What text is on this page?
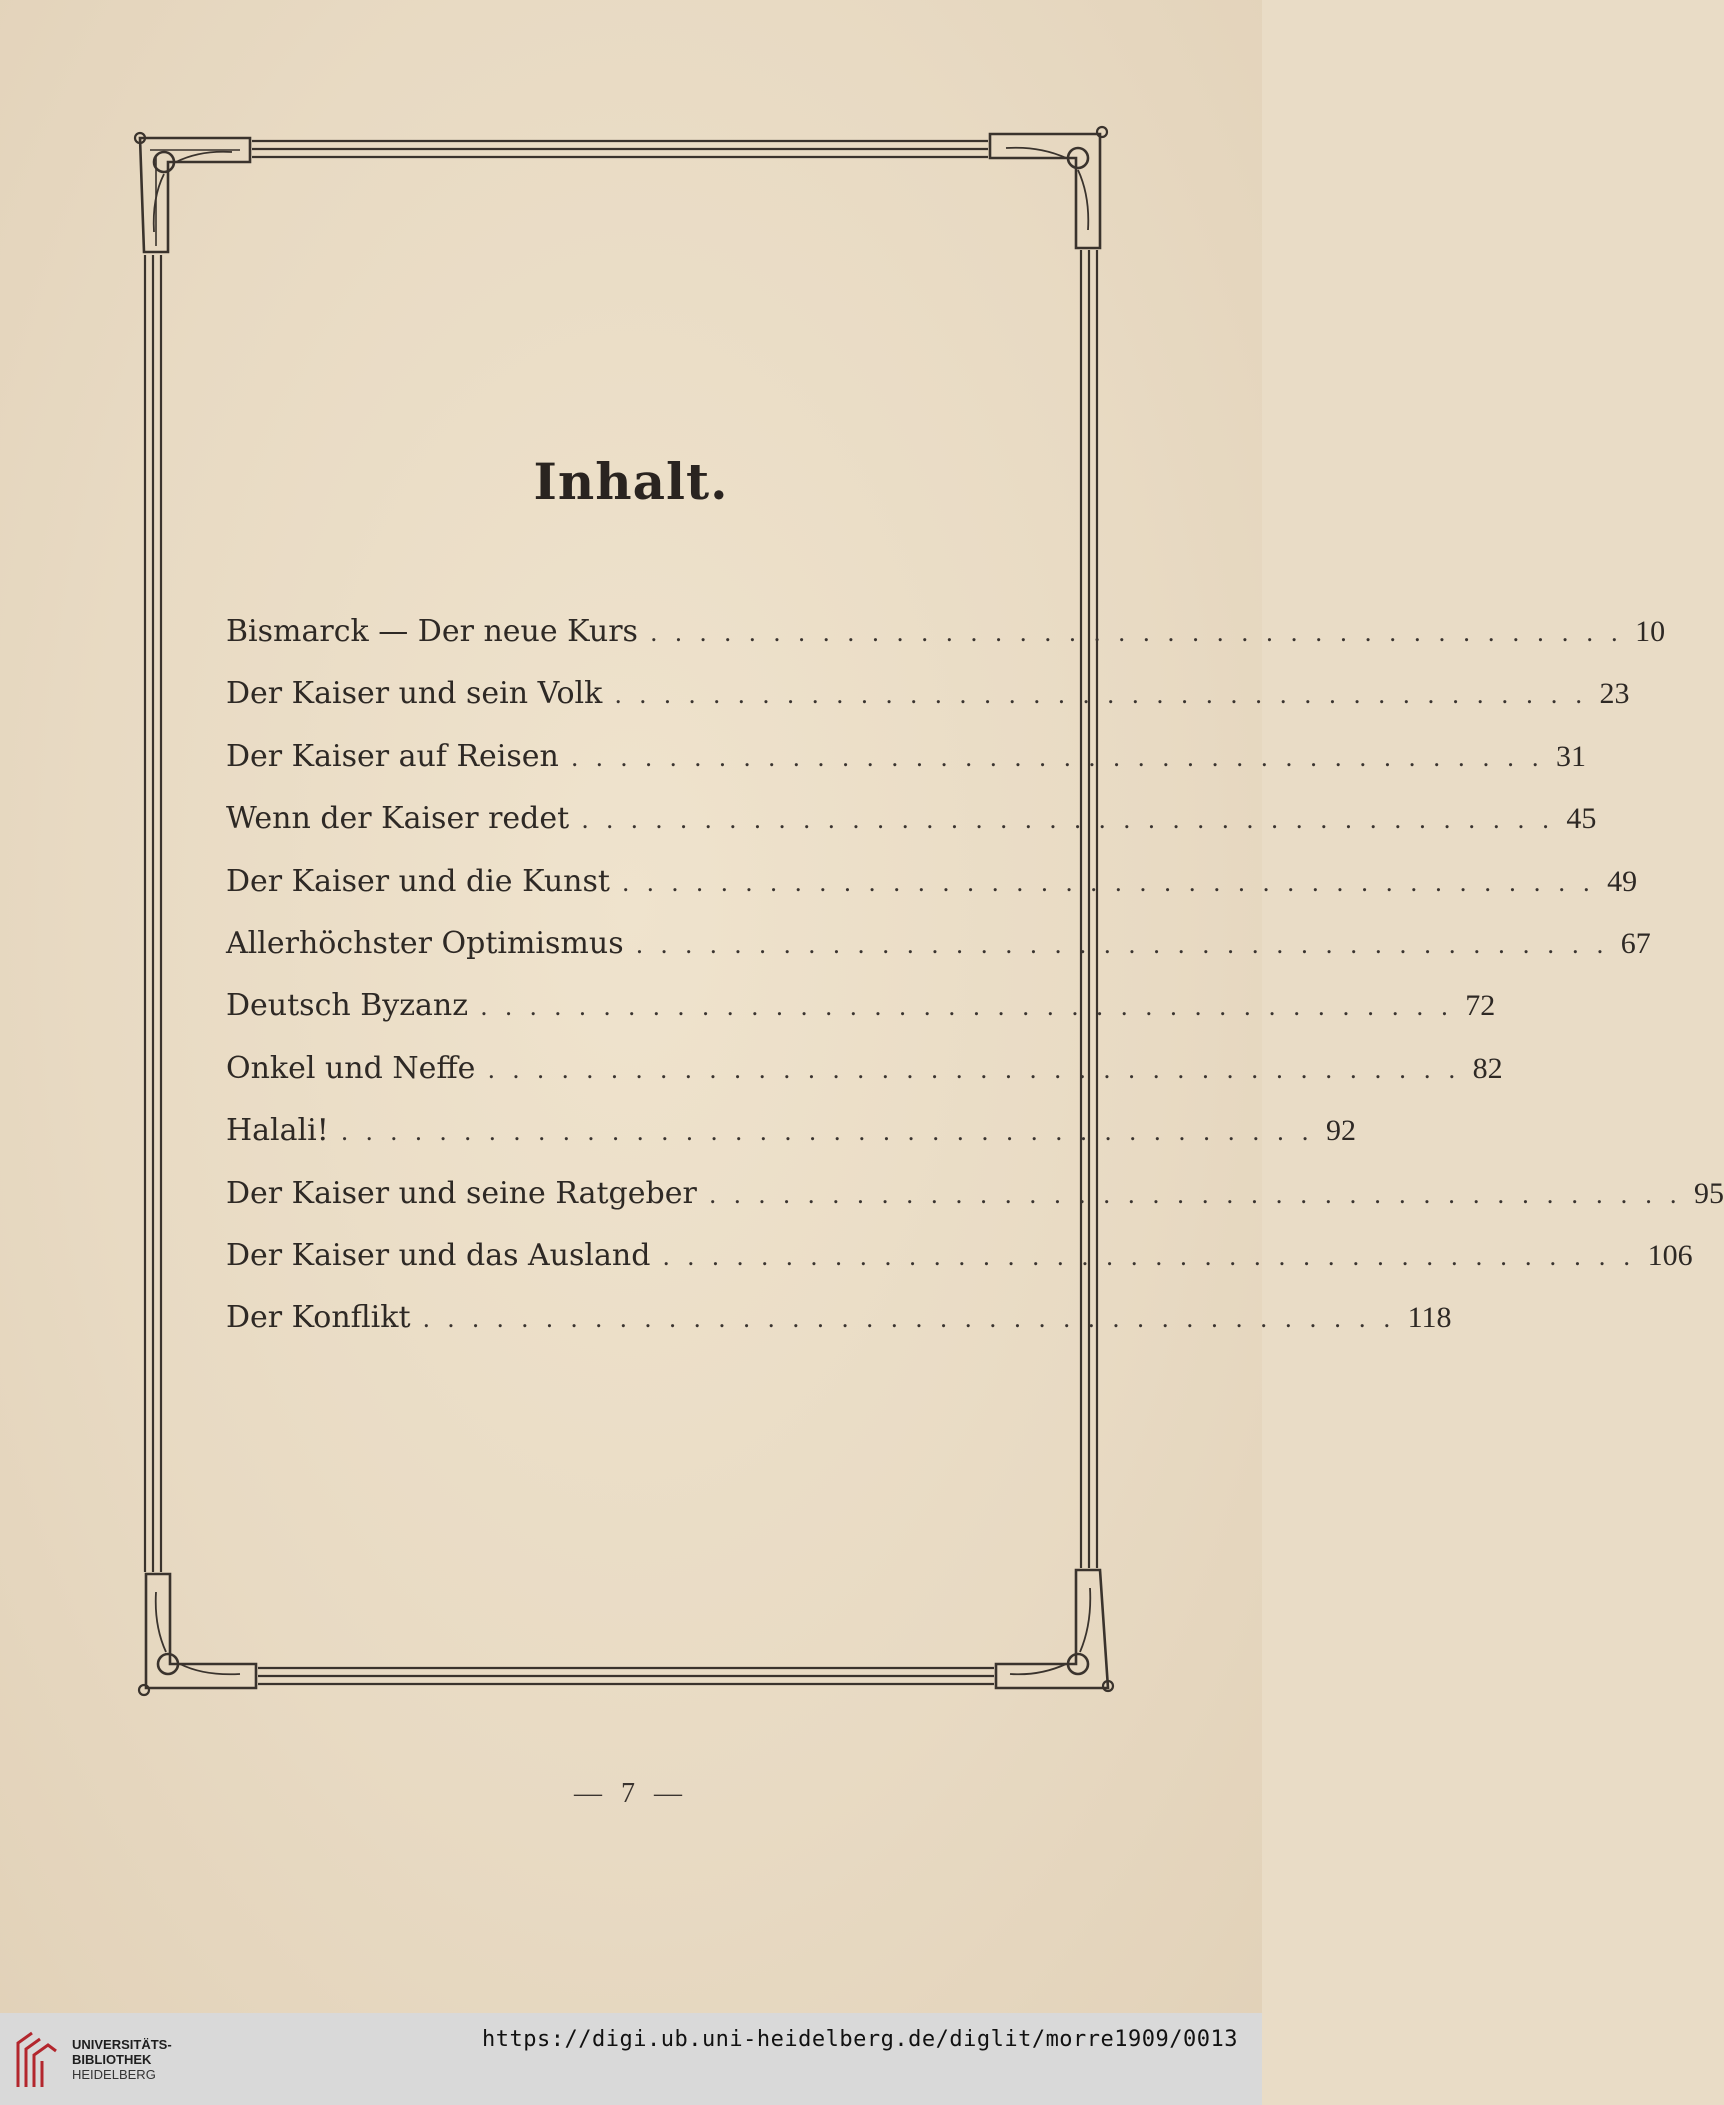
Inhalt.
Bismarck — Der neue Kurs ........................................ 10
Der Kaiser und sein Volk ........................................ 23
Der Kaiser auf Reisen ........................................ 31
Wenn der Kaiser redet ........................................ 45
Der Kaiser und die Kunst ........................................ 49
Allerhöchster Optimismus ........................................ 67
Deutsch Byzanz ........................................ 72
Onkel und Neffe ........................................ 82
Halali! ........................................ 92
Der Kaiser und seine Ratgeber ........................................ 95
Der Kaiser und das Ausland ........................................ 106
Der Konflikt ........................................ 118
— 7 —
UNIVERSITÄTS-
BIBLIOTHEK
HEIDELBERG
https://digi.ub.uni-heidelberg.de/diglit/morre1909/0013
